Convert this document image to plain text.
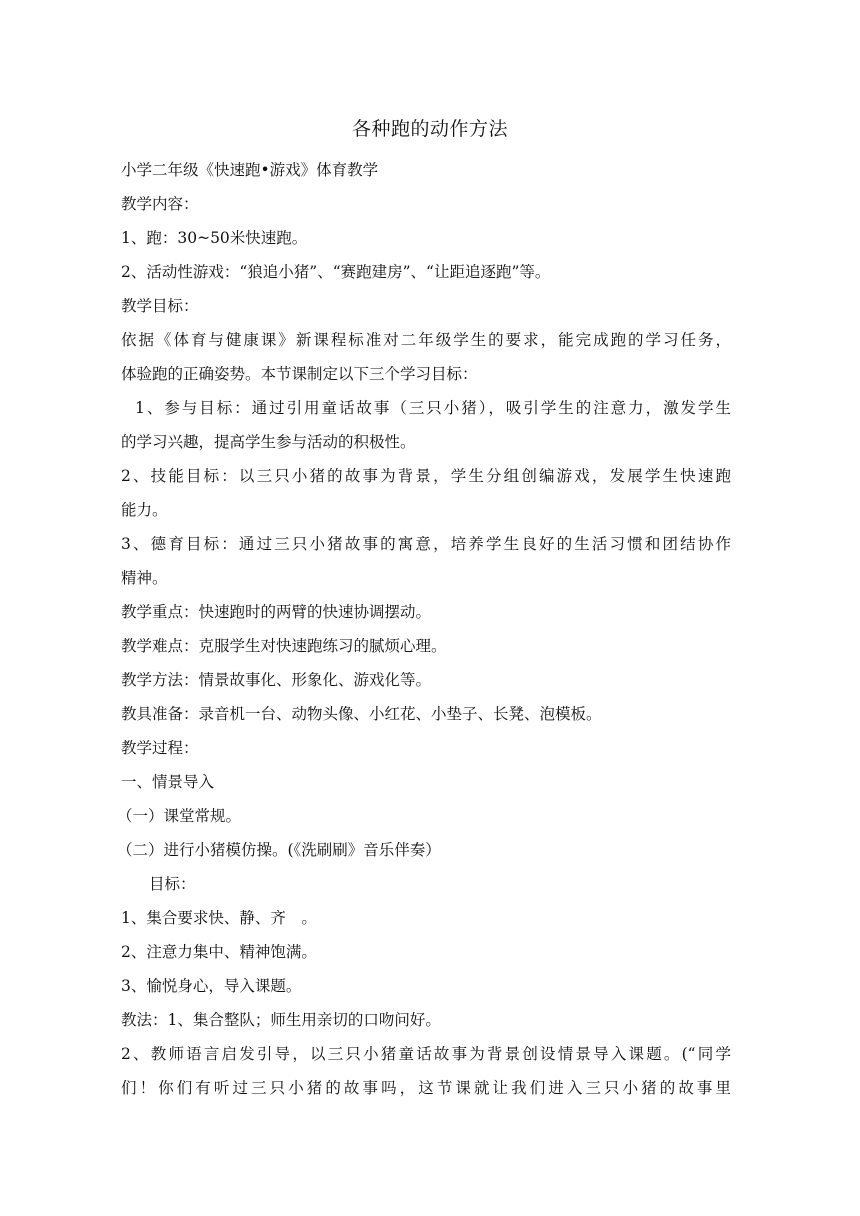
各种跑的动作方法
小学二年级《快速跑•游戏》体育教学
教学内容：
1、跑：30~50米快速跑。
2、活动性游戏：“狼追小猪”、“赛跑建房”、“让距追逐跑”等。
教学目标：
依据《体育与健康课》新课程标准对二年级学生的要求，能完成跑的学习任务，
体验跑的正确姿势。本节课制定以下三个学习目标：
1、参与目标：通过引用童话故事（三只小猪），吸引学生的注意力，激发学生
的学习兴趣，提高学生参与活动的积极性。
2、技能目标：以三只小猪的故事为背景，学生分组创编游戏，发展学生快速跑
能力。
3、德育目标：通过三只小猪故事的寓意，培养学生良好的生活习惯和团结协作
精神。
教学重点：快速跑时的两臂的快速协调摆动。
教学难点：克服学生对快速跑练习的腻烦心理。
教学方法：情景故事化、形象化、游戏化等。
教具准备：录音机一台、动物头像、小红花、小垫子、长凳、泡模板。
教学过程：
一、情景导入
（一）课堂常规。
（二）进行小猪模仿操。(《洗刷刷》音乐伴奏）
目标：
1、集合要求快、静、齐　。
2、注意力集中、精神饱满。
3、愉悦身心，导入课题。
教法：1、集合整队；师生用亲切的口吻问好。
2、教师语言启发引导，以三只小猪童话故事为背景创设情景导入课题。(“同学
们！你们有听过三只小猪的故事吗，这节课就让我们进入三只小猪的故事里
